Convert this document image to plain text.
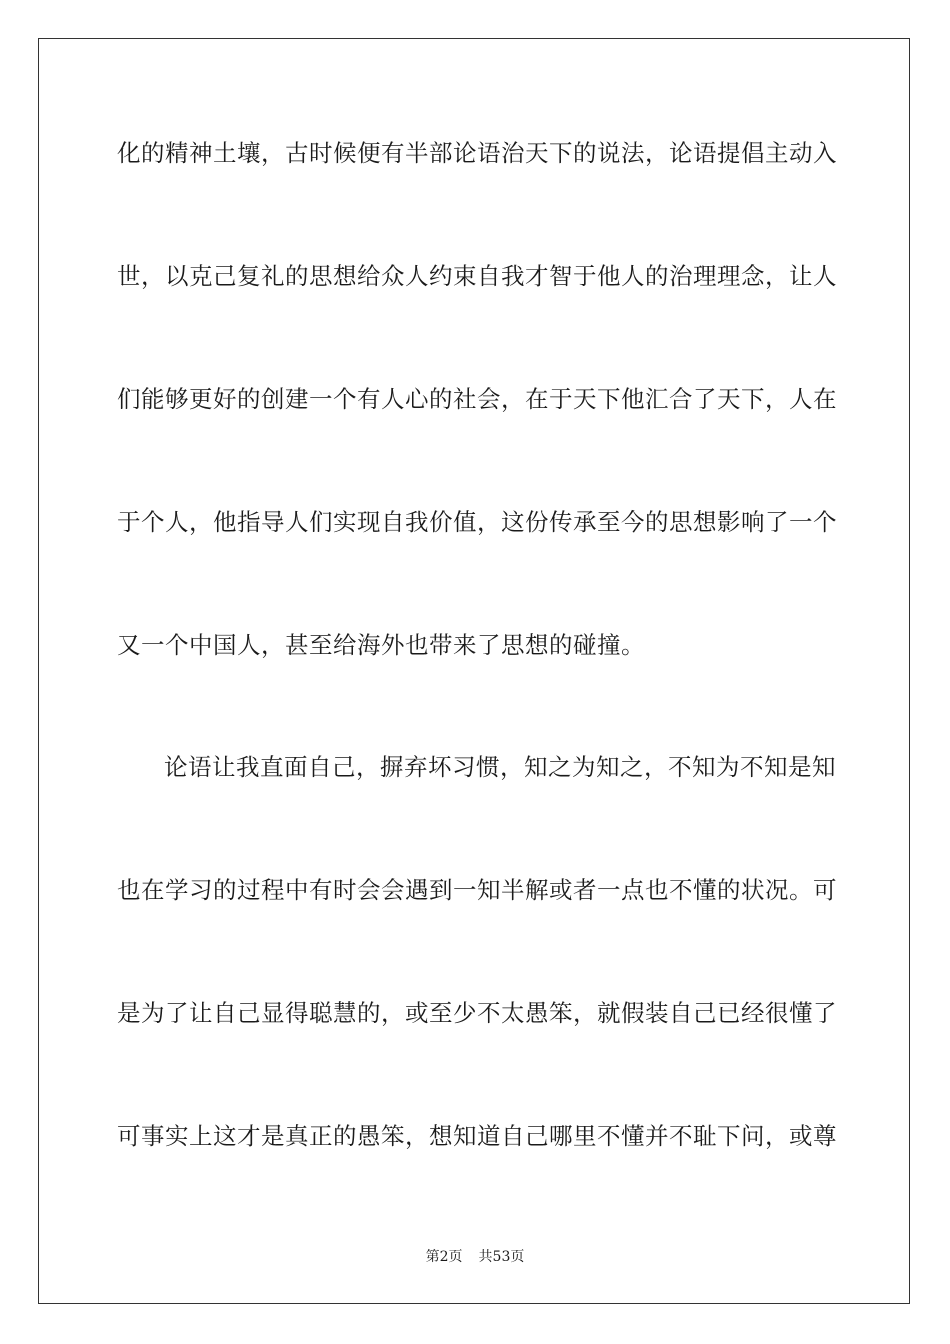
化的精神土壤，古时候便有半部论语治天下的说法，论语提倡主动入
世，以克己复礼的思想给众人约束自我才智于他人的治理理念，让人
们能够更好的创建一个有人心的社会，在于天下他汇合了天下，人在
于个人，他指导人们实现自我价值，这份传承至今的思想影响了一个
又一个中国人，甚至给海外也带来了思想的碰撞。
论语让我直面自己，摒弃坏习惯，知之为知之，不知为不知是知
也在学习的过程中有时会会遇到一知半解或者一点也不懂的状况。可
是为了让自己显得聪慧的，或至少不太愚笨，就假装自己已经很懂了
可事实上这才是真正的愚笨，想知道自己哪里不懂并不耻下问，或尊
第2页 共53页
